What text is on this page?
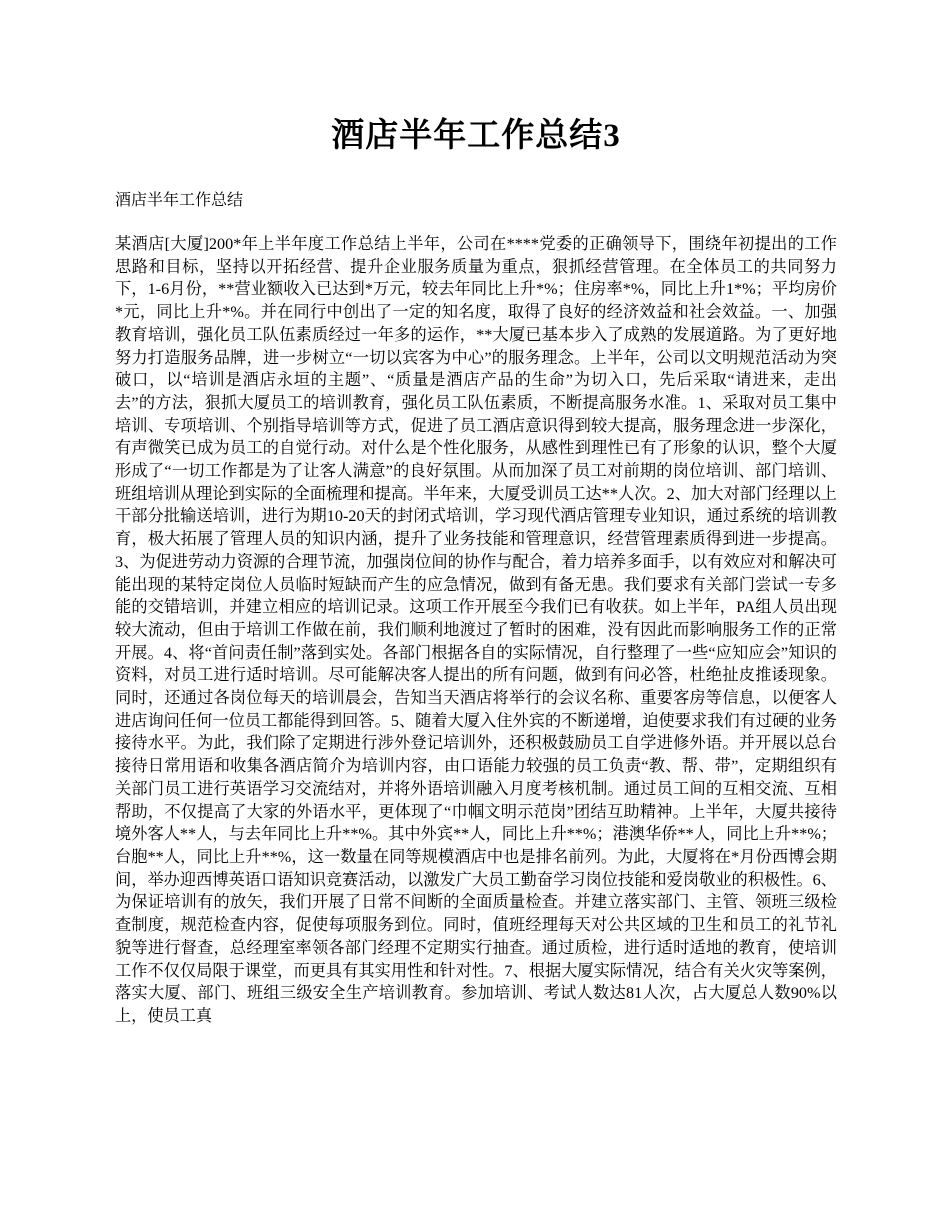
酒店半年工作总结3

酒店半年工作总结

某酒店[大厦]200*年上半年度工作总结上半年，公司在****党委的正确领导下，围绕年初提出的工作思路和目标，坚持以开拓经营、提升企业服务质量为重点，狠抓经营管理。在全体员工的共同努力下，1-6月份，**营业额收入已达到*万元，较去年同比上升*%；住房率*%，同比上升1*%；平均房价*元，同比上升*%。并在同行中创出了一定的知名度，取得了良好的经济效益和社会效益。一、加强教育培训，强化员工队伍素质经过一年多的运作，**大厦已基本步入了成熟的发展道路。为了更好地努力打造服务品牌，进一步树立“一切以宾客为中心”的服务理念。上半年，公司以文明规范活动为突破口，以“培训是酒店永垣的主题”、“质量是酒店产品的生命”为切入口，先后采取“请进来，走出去”的方法，狠抓大厦员工的培训教育，强化员工队伍素质，不断提高服务水准。1、采取对员工集中培训、专项培训、个别指导培训等方式，促进了员工酒店意识得到较大提高，服务理念进一步深化，有声微笑已成为员工的自觉行动。对什么是个性化服务，从感性到理性已有了形象的认识，整个大厦形成了“一切工作都是为了让客人满意”的良好氛围。从而加深了员工对前期的岗位培训、部门培训、班组培训从理论到实际的全面梳理和提高。半年来，大厦受训员工达**人次。2、加大对部门经理以上干部分批输送培训，进行为期10-20天的封闭式培训，学习现代酒店管理专业知识，通过系统的培训教育，极大拓展了管理人员的知识内涵，提升了业务技能和管理意识，经营管理素质得到进一步提高。3、为促进劳动力资源的合理节流，加强岗位间的协作与配合，着力培养多面手，以有效应对和解决可能出现的某特定岗位人员临时短缺而产生的应急情况，做到有备无患。我们要求有关部门尝试一专多能的交错培训，并建立相应的培训记录。这项工作开展至今我们已有收获。如上半年，PA组人员出现较大流动，但由于培训工作做在前，我们顺利地渡过了暂时的困难，没有因此而影响服务工作的正常开展。4、将“首问责任制”落到实处。各部门根据各自的实际情况，自行整理了一些“应知应会”知识的资料，对员工进行适时培训。尽可能解决客人提出的所有问题，做到有问必答，杜绝扯皮推诿现象。同时，还通过各岗位每天的培训晨会，告知当天酒店将举行的会议名称、重要客房等信息，以便客人进店询问任何一位员工都能得到回答。5、随着大厦入住外宾的不断递增，迫使要求我们有过硬的业务接待水平。为此，我们除了定期进行涉外登记培训外，还积极鼓励员工自学进修外语。并开展以总台接待日常用语和收集各酒店简介为培训内容，由口语能力较强的员工负责“教、帮、带”，定期组织有关部门员工进行英语学习交流结对，并将外语培训融入月度考核机制。通过员工间的互相交流、互相帮助，不仅提高了大家的外语水平，更体现了“巾帼文明示范岗”团结互助精神。上半年，大厦共接待境外客人**人，与去年同比上升**%。其中外宾**人，同比上升**%；港澳华侨**人，同比上升**%；台胞**人，同比上升**%，这一数量在同等规模酒店中也是排名前列。为此，大厦将在*月份西博会期间，举办迎西博英语口语知识竞赛活动，以激发广大员工勤奋学习岗位技能和爱岗敬业的积极性。6、为保证培训有的放矢，我们开展了日常不间断的全面质量检查。并建立落实部门、主管、领班三级检查制度，规范检查内容，促使每项服务到位。同时，值班经理每天对公共区域的卫生和员工的礼节礼貌等进行督查，总经理室率领各部门经理不定期实行抽查。通过质检，进行适时适地的教育，使培训工作不仅仅局限于课堂，而更具有其实用性和针对性。7、根据大厦实际情况，结合有关火灾等案例，落实大厦、部门、班组三级安全生产培训教育。参加培训、考试人数达81人次，占大厦总人数90%以上，使员工真
